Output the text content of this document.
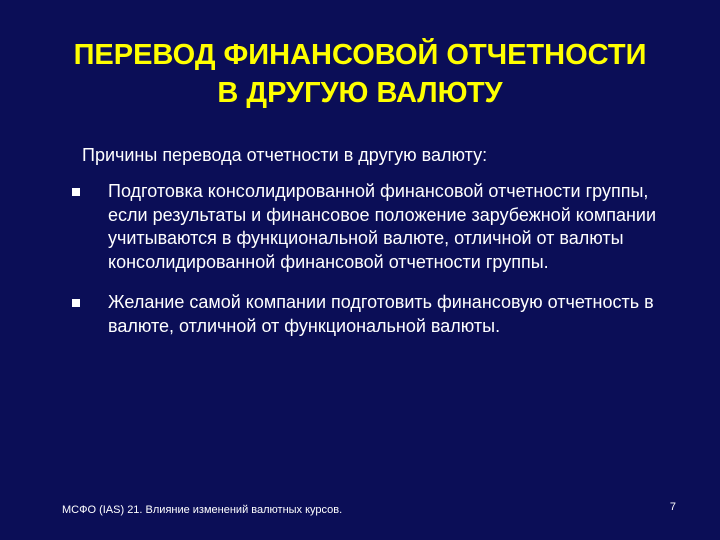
ПЕРЕВОД ФИНАНСОВОЙ ОТЧЕТНОСТИ
В ДРУГУЮ ВАЛЮТУ

Причины перевода отчетности в другую валюту:

Подготовка консолидированной финансовой отчетности группы, если результаты и финансовое положение зарубежной компании учитываются в функциональной валюте, отличной от валюты консолидированной финансовой отчетности группы.
Желание самой компании подготовить финансовую отчетность в валюте, отличной от функциональной валюты.
МСФО (IAS) 21. Влияние изменений валютных курсов.	7
